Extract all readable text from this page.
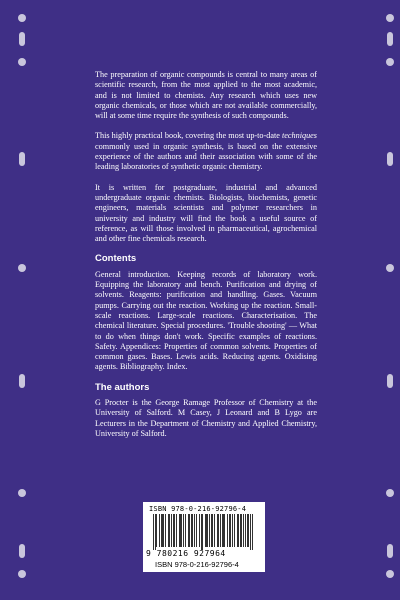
The preparation of organic compounds is central to many areas of scientific research, from the most applied to the most academic, and is not limited to chemists. Any research which uses new organic chemicals, or those which are not available commercially, will at some time require the synthesis of such compounds.

This highly practical book, covering the most up-to-date techniques commonly used in organic synthesis, is based on the extensive experience of the authors and their association with some of the leading laboratories of synthetic organic chemistry.

It is written for postgraduate, industrial and advanced undergraduate organic chemists. Biologists, biochemists, genetic engineers, materials scientists and polymer researchers in university and industry will find the book a useful source of reference, as will those involved in pharmaceutical, agrochemical and other fine chemicals research.

Contents

General introduction. Keeping records of laboratory work. Equipping the laboratory and bench. Purification and drying of solvents. Reagents: purification and handling. Gases. Vacuum pumps. Carrying out the reaction. Working up the reaction. Small-scale reactions. Large-scale reactions. Characterisation. The chemical literature. Special procedures. 'Trouble shooting' — What to do when things don't work. Specific examples of reactions. Safety. Appendices: Properties of common solvents. Properties of common gases. Bases. Lewis acids. Reducing agents. Oxidising agents. Bibliography. Index.

The authors

G Procter is the George Ramage Professor of Chemistry at the University of Salford. M Casey, J Leonard and B Lygo are Lecturers in the Department of Chemistry and Applied Chemistry, University of Salford.

ISBN 978-0-216-92796-4
9 780216 927964
ISBN 978-0-216-92796-4
